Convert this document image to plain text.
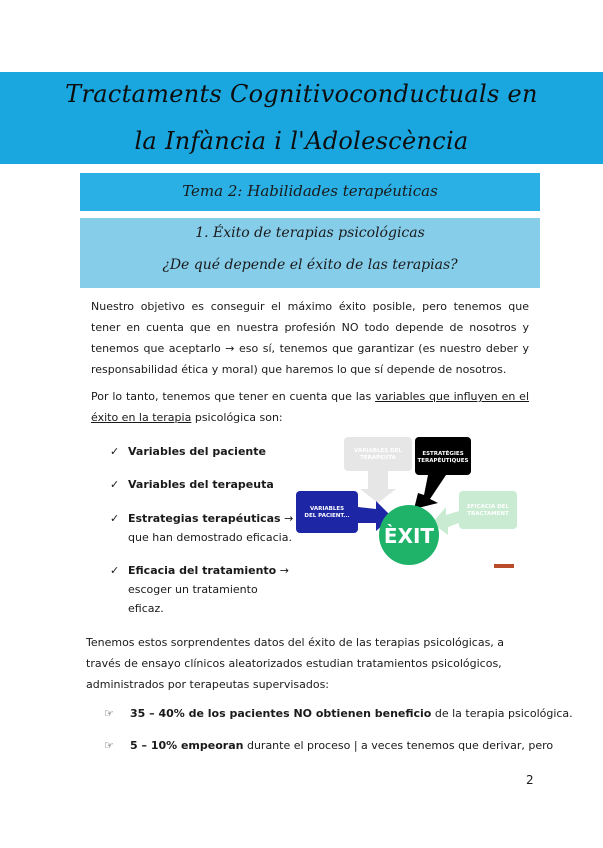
Tractaments Cognitivoconductuals en
la Infància i l'Adolescència
Tema 2: Habilidades terapéuticas
1. Éxito de terapias psicológicas
¿De qué depende el éxito de las terapias?

Nuestro objetivo es conseguir el máximo éxito posible, pero tenemos que tener en cuenta que en nuestra profesión NO todo depende de nosotros y tenemos que aceptarlo → eso sí, tenemos que garantizar (es nuestro deber y responsabilidad ética y moral) que haremos lo que sí depende de nosotros.

Por lo tanto, tenemos que tener en cuenta que las variables que influyen en el éxito en la terapia psicológica son:

✓ Variables del paciente
✓ Variables del terapeuta
✓ Estrategias terapéuticas →
que han demostrado eficacia.
✓ Eficacia del tratamiento →
escoger un tratamiento
eficaz.
VARIABLES DEL TERAPEUTA
ESTRATÈGIES TERAPÈUTIQUES
VARIABLES DEL PACIENT...
EFICÀCIA DEL TRACTAMENT
ÈXIT

Tenemos estos sorprendentes datos del éxito de las terapias psicológicas, a través de ensayo clínicos aleatorizados estudian tratamientos psicológicos, administrados por terapeutas supervisados:

☞ 35 – 40% de los pacientes NO obtienen beneficio de la terapia psicológica.
☞ 5 – 10% empeoran durante el proceso | a veces tenemos que derivar, pero
2
